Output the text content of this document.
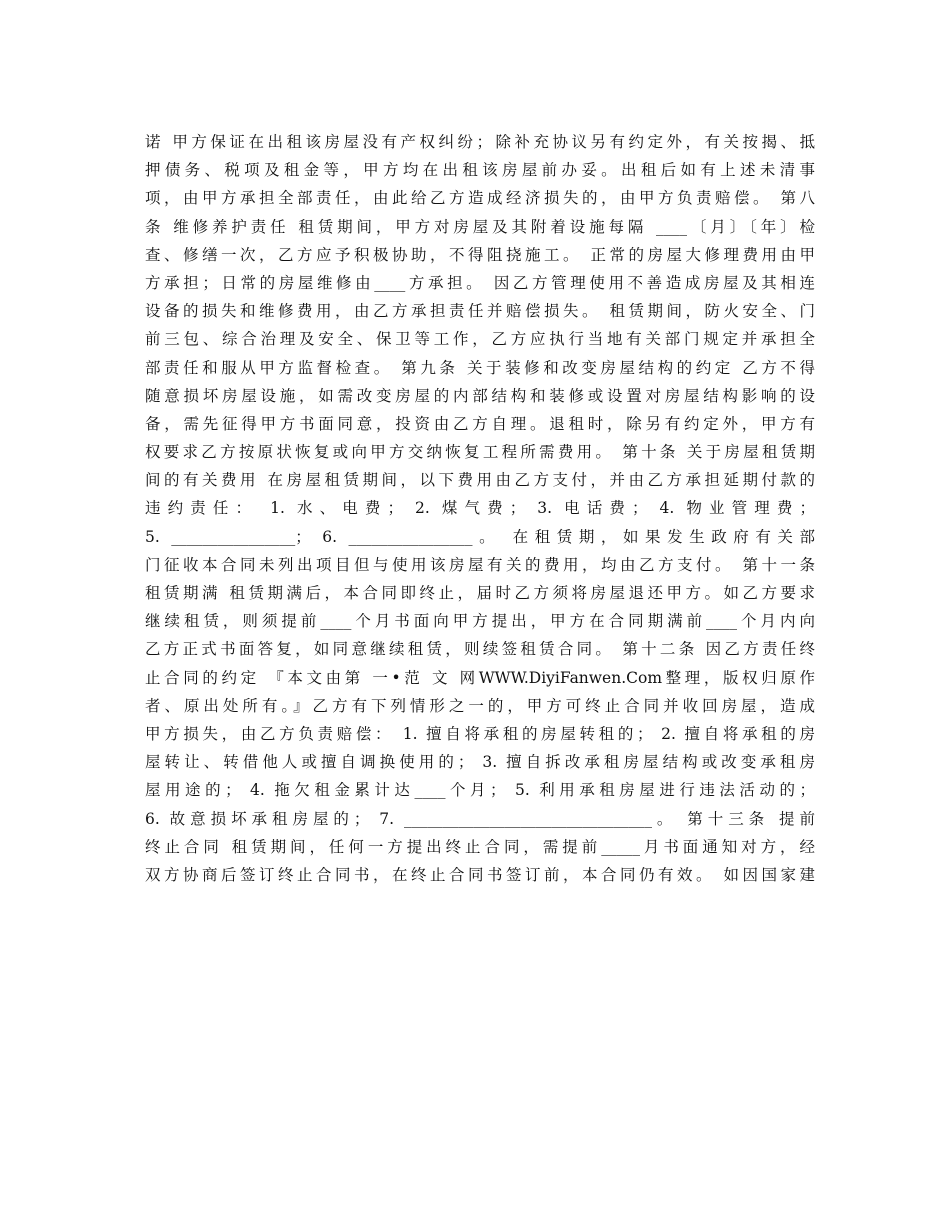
诺 甲方保证在出租该房屋没有产权纠纷；除补充协议另有约定外，有关按揭、抵
押债务、税项及租金等，甲方均在出租该房屋前办妥。出租后如有上述未清事
项，由甲方承担全部责任，由此给乙方造成经济损失的，由甲方负责赔偿。 第八
条 维修养护责任 租赁期间，甲方对房屋及其附着设施每隔 ____〔月〕〔年〕检
查、修缮一次，乙方应予积极协助，不得阻挠施工。 正常的房屋大修理费用由甲
方承担；日常的房屋维修由____方承担。 因乙方管理使用不善造成房屋及其相连
设备的损失和维修费用，由乙方承担责任并赔偿损失。 租赁期间，防火安全、门
前三包、综合治理及安全、保卫等工作，乙方应执行当地有关部门规定并承担全
部责任和服从甲方监督检查。 第九条 关于装修和改变房屋结构的约定 乙方不得
随意损坏房屋设施，如需改变房屋的内部结构和装修或设置对房屋结构影响的设
备，需先征得甲方书面同意，投资由乙方自理。退租时，除另有约定外，甲方有
权要求乙方按原状恢复或向甲方交纳恢复工程所需费用。 第十条 关于房屋租赁期
间的有关费用 在房屋租赁期间，以下费用由乙方支付，并由乙方承担延期付款的
违约责任： 1. 水、电费； 2. 煤气费； 3. 电话费； 4. 物业管理费；
5. ________________； 6. ________________。 在租赁期，如果发生政府有关部
门征收本合同未列出项目但与使用该房屋有关的费用，均由乙方支付。 第十一条
租赁期满 租赁期满后，本合同即终止，届时乙方须将房屋退还甲方。如乙方要求
继续租赁，则须提前____个月书面向甲方提出，甲方在合同期满前____个月内向
乙方正式书面答复，如同意继续租赁，则续签租赁合同。 第十二条 因乙方责任终
止合同的约定 『本文由第 一•范 文 网WWW.DiyiFanwen.Com整理，版权归原作
者、原出处所有。』乙方有下列情形之一的，甲方可终止合同并收回房屋，造成
甲方损失，由乙方负责赔偿： 1. 擅自将承租的房屋转租的； 2. 擅自将承租的房
屋转让、转借他人或擅自调换使用的； 3. 擅自拆改承租房屋结构或改变承租房
屋用途的； 4. 拖欠租金累计达____个月； 5. 利用承租房屋进行违法活动的；
6. 故意损坏承租房屋的； 7. ________________________________。 第十三条 提前
终止合同 租赁期间，任何一方提出终止合同，需提前_____月书面通知对方，经
双方协商后签订终止合同书，在终止合同书签订前，本合同仍有效。 如因国家建
